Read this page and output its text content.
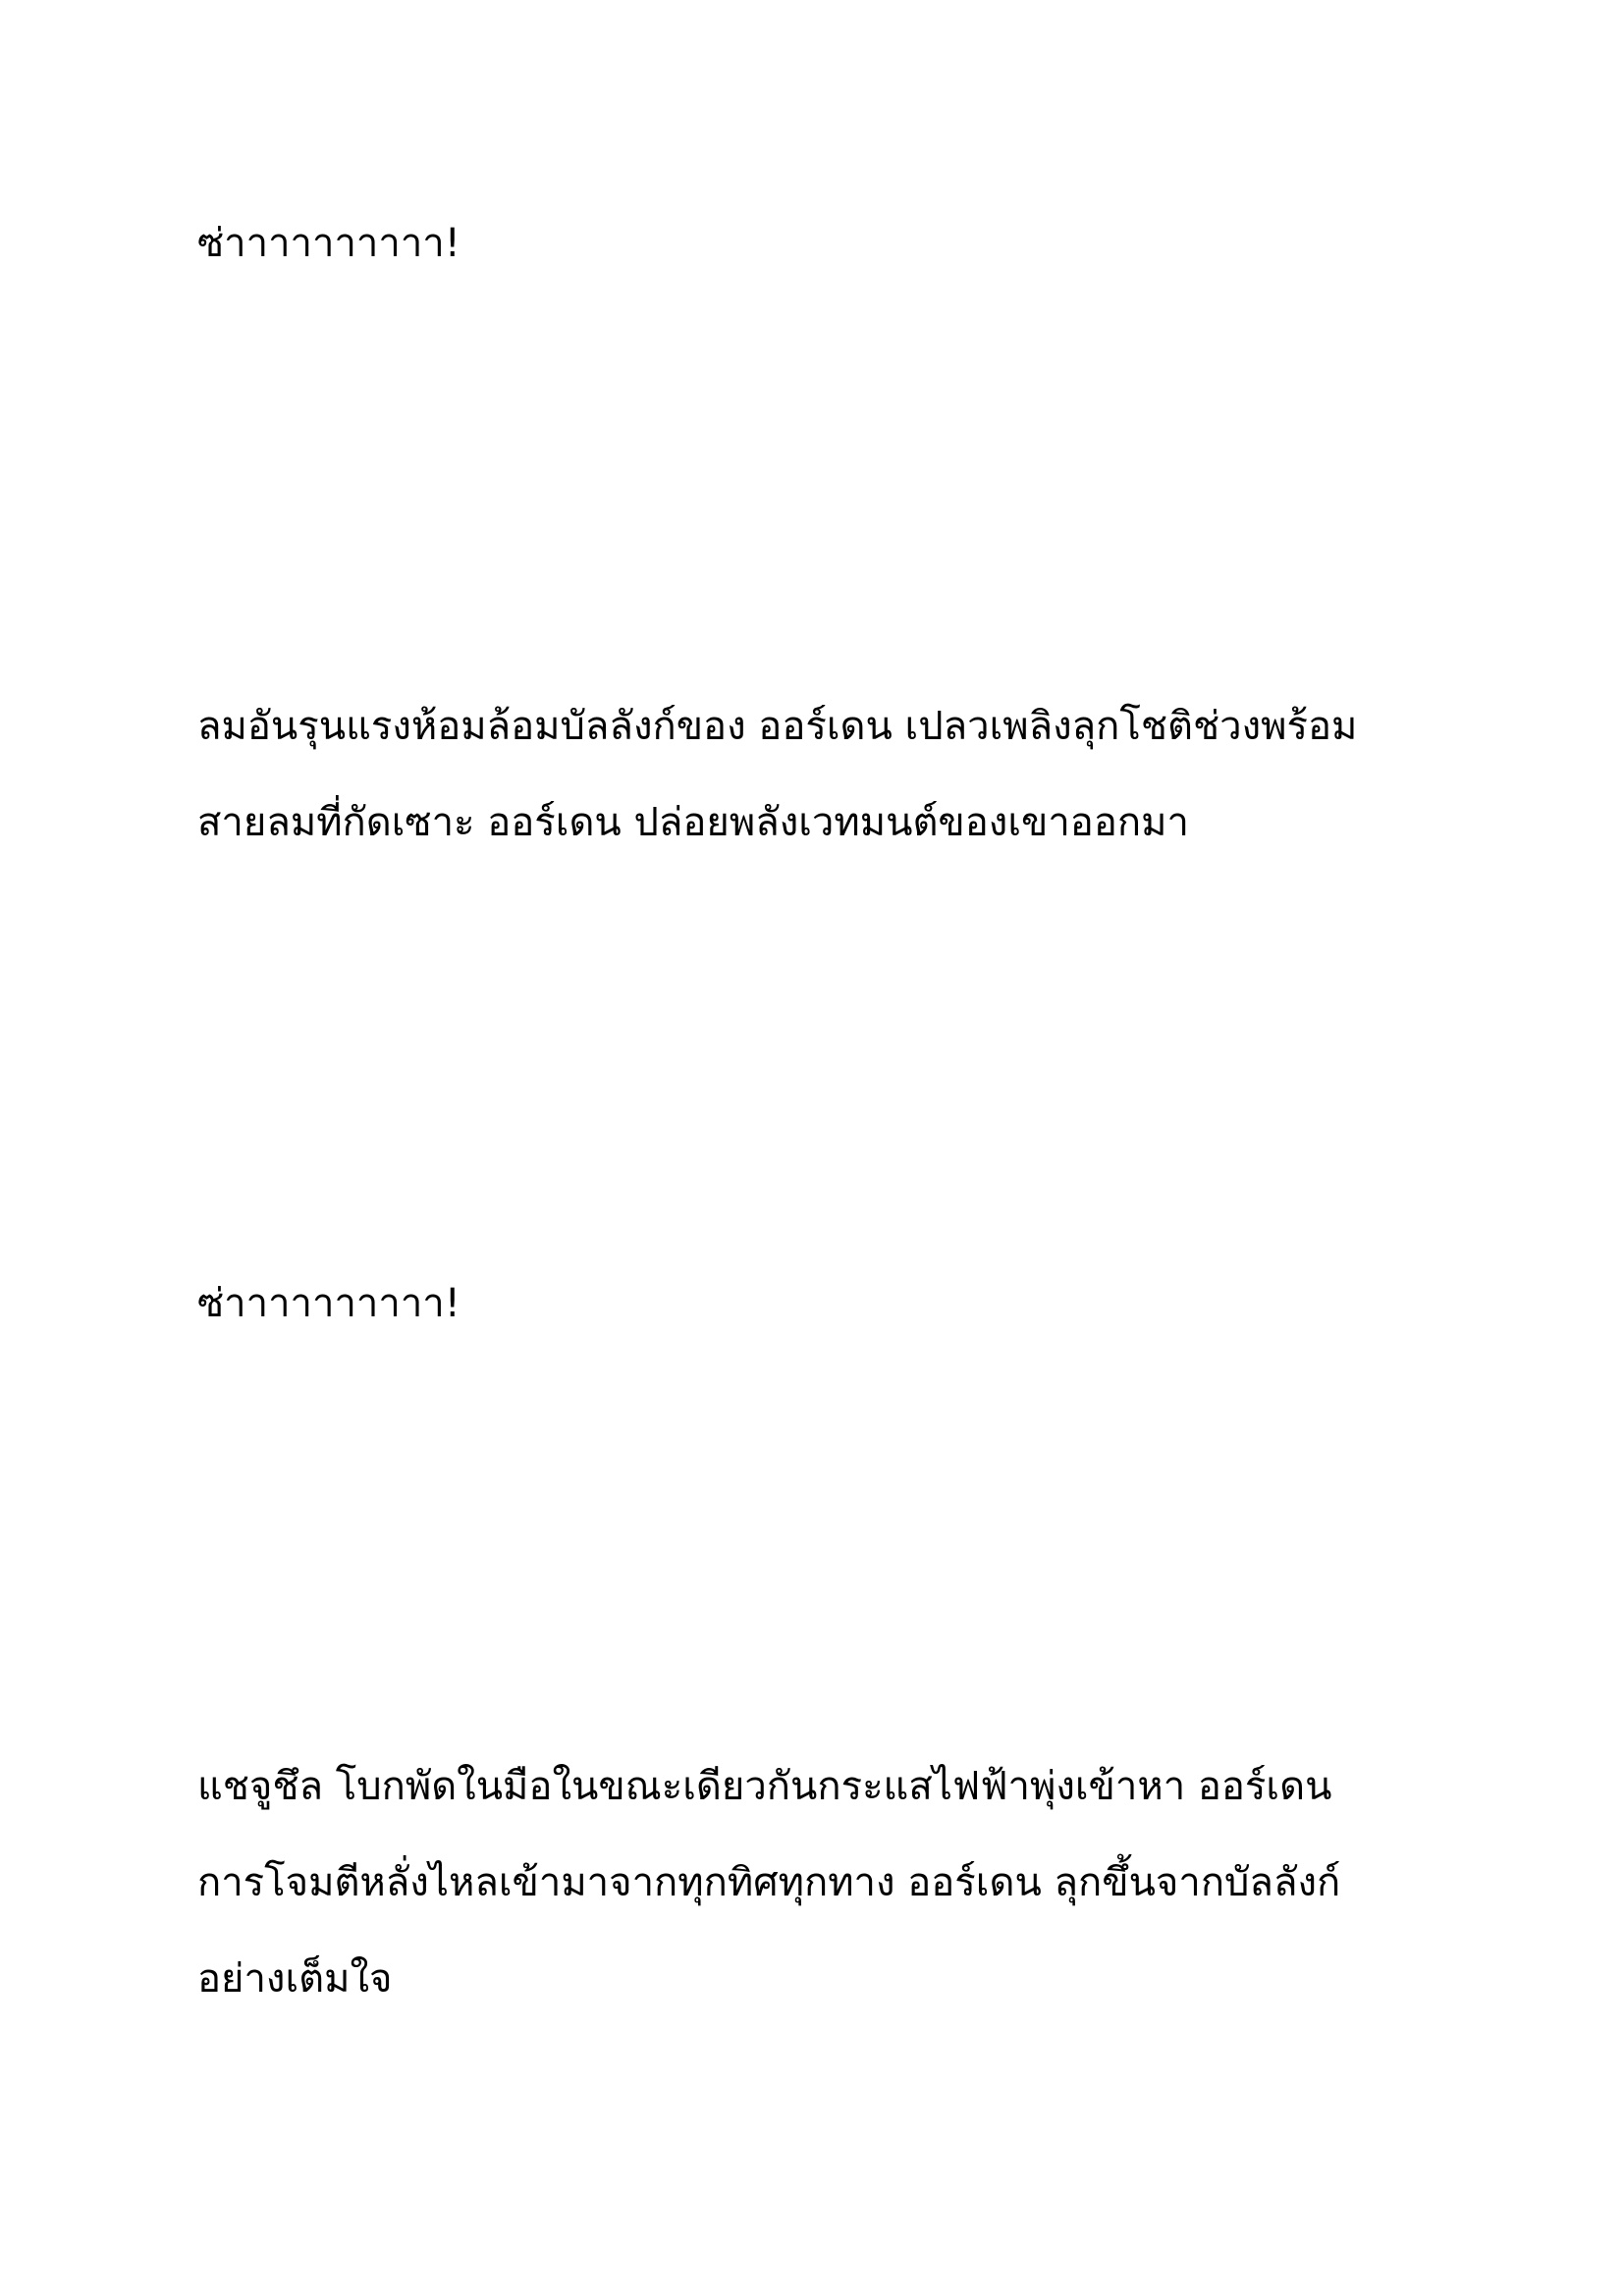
ซ่าาาาาาาาาา!
ลมอันรุนแรงห้อมล้อมบัลลังก์ของ ออร์เดน เปลวเพลิงลุกโชติช่วงพร้อม
สายลมที่กัดเซาะ ออร์เดน ปล่อยพลังเวทมนต์ของเขาออกมา
ซ่าาาาาาาาาา!
แชจูชึล โบกพัดในมือในขณะเดียวกันกระแสไฟฟ้าพุ่งเข้าหา ออร์เดน
การโจมตีหลั่งไหลเข้ามาจากทุกทิศทุกทาง ออร์เดน ลุกขึ้นจากบัลลังก์
อย่างเต็มใจ
